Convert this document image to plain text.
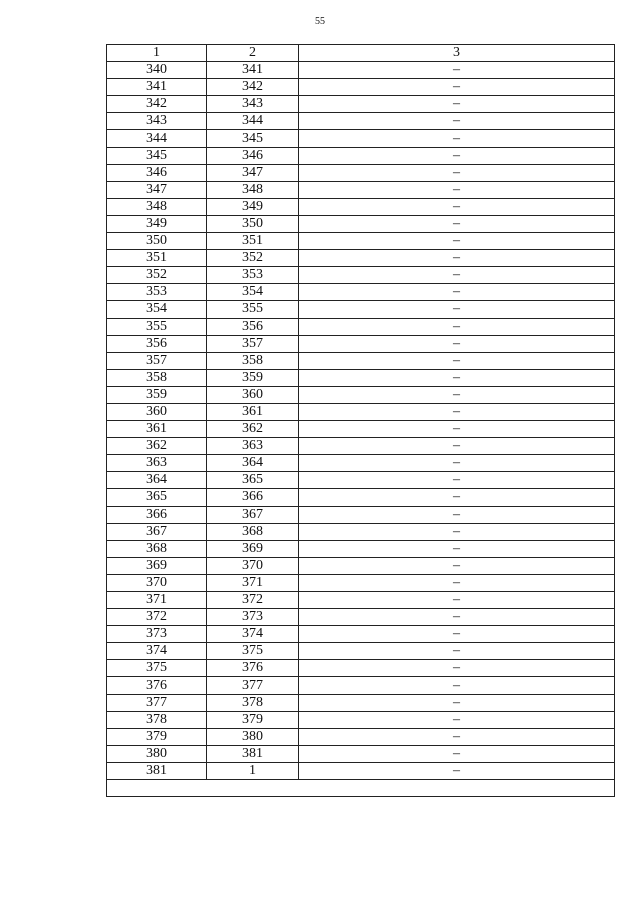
55
1	2	3
340	341	–
341	342	–
342	343	–
343	344	–
344	345	–
345	346	–
346	347	–
347	348	–
348	349	–
349	350	–
350	351	–
351	352	–
352	353	–
353	354	–
354	355	–
355	356	–
356	357	–
357	358	–
358	359	–
359	360	–
360	361	–
361	362	–
362	363	–
363	364	–
364	365	–
365	366	–
366	367	–
367	368	–
368	369	–
369	370	–
370	371	–
371	372	–
372	373	–
373	374	–
374	375	–
375	376	–
376	377	–
377	378	–
378	379	–
379	380	–
380	381	–
381	1	–
